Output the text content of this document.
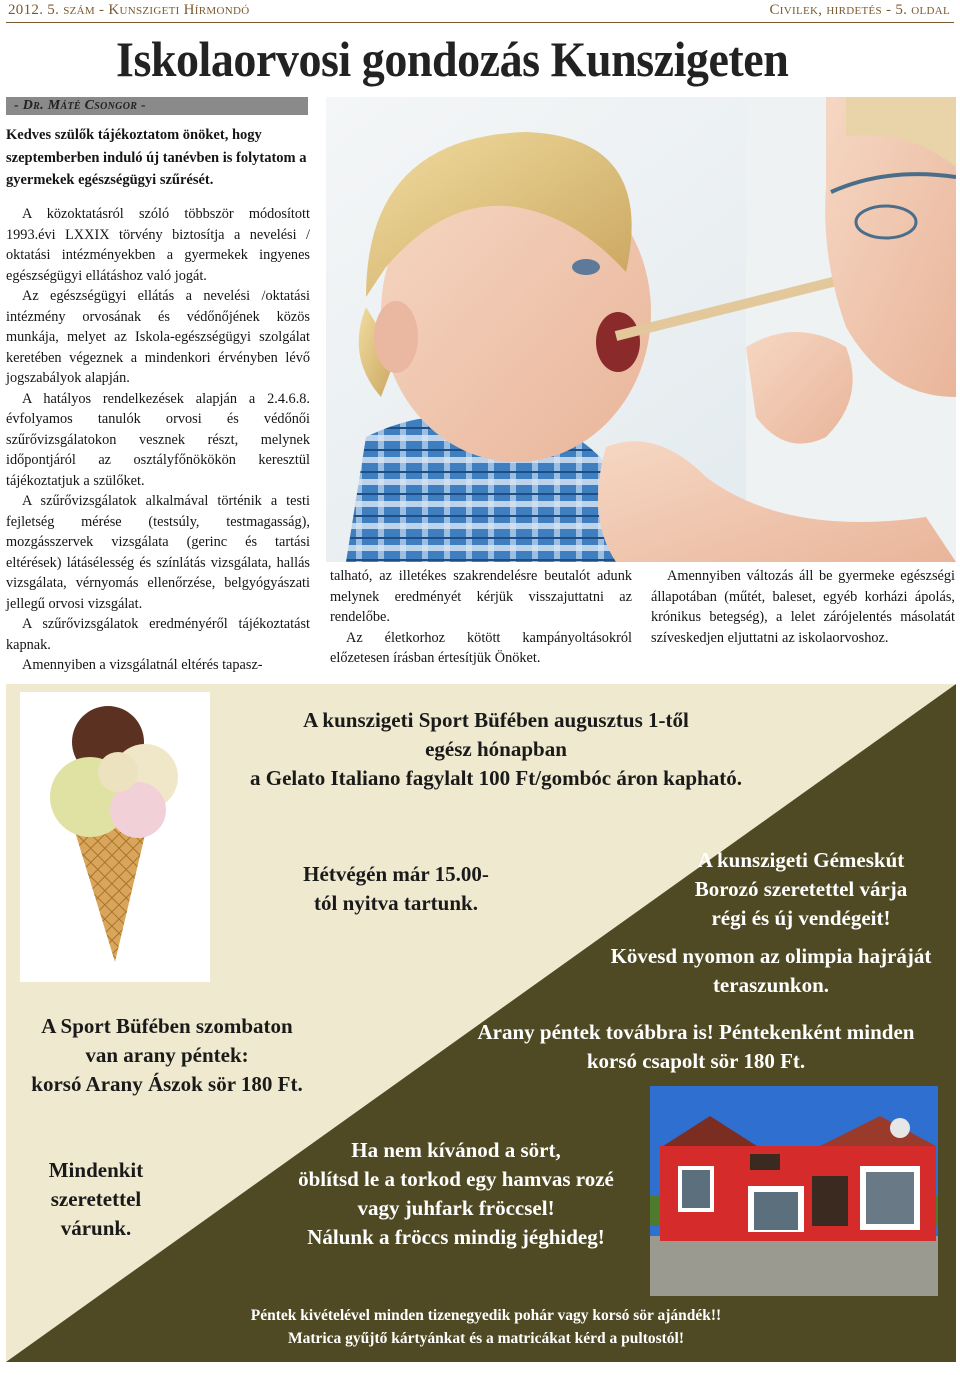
2012. 5. szám - Kunszigeti Hírmondó	Civilek, hirdetés - 5. oldal
Iskolaorvosi gondozás Kunszigeten
- Dr. Máté Csongor -
Kedves szülők tájékoztatom önöket, hogy szeptemberben induló új tanévben is folytatom a gyermekek egészségügyi szűrését.

A közoktatásról szóló többször módosított 1993.évi LXXIX törvény biztosítja a nevelési / oktatási intézményekben a gyermekek ingyenes egészségügyi ellátáshoz való jogát.

Az egészségügyi ellátás a nevelési /oktatási intézmény orvosának és védőnőjének közös munkája, melyet az Iskola-egészségügyi szolgálat keretében végeznek a mindenkori érvényben lévő jogszabályok alapján.

A hatályos rendelkezések alapján a 2.4.6.8. évfolyamos tanulók orvosi és védőnői szűrővizsgálatokon vesznek részt, melynek időpontjáról az osztályfőnökökön keresztül tájékoztatjuk a szülőket.

A szűrővizsgálatok alkalmával történik a testi fejletség mérése (testsúly, testmagasság), mozgásszervek vizsgálata (gerinc és tartási eltérések) látásélesség és színlátás vizsgálata, hallás vizsgálata, vérnyomás ellenőrzése, belgyógyászati jellegű orvosi vizsgálat.

A szűrővizsgálatok eredményéről tájékoztatást kapnak.

Amennyiben a vizsgálatnál eltérés tapasz-

talható, az illetékes szakrendelésre beutalót adunk melynek eredményét kérjük visszajuttatni az rendelőbe.

Az életkorhoz kötött kampányoltásokról előzetesen írásban értesítjük Önöket.

Amennyiben változás áll be gyermeke egészségi állapotában (műtét, baleset, egyéb korházi ápolás, krónikus betegség), a lelet zárójelentés másolatát szíveskedjen eljuttatni az iskolaorvoshoz.

A kunszigeti Sport Büfében augusztus 1-től
egész hónapban
a Gelato Italiano fagylalt 100 Ft/gombóc áron kapható.
Hétvégén már 15.00-
tól nyitva tartunk.
A kunszigeti Gémeskút
Borozó szeretettel várja
régi és új vendégeit!
Kövesd nyomon az olimpia hajráját
teraszunkon.
A Sport Büfében szombaton
van arany péntek:
korsó Arany Ászok sör 180 Ft.
Arany péntek továbbra is! Péntekenként minden
korsó csapolt sör 180 Ft.
Mindenkit
szeretettel
várunk.
Ha nem kívánod a sört,
öblítsd le a torkod egy hamvas rozé
vagy juhfark fröccsel!
Nálunk a fröccs mindig jéghideg!
Péntek kivételével minden tizenegyedik pohár vagy korsó sör ajándék!!
Matrica gyűjtő kártyánkat és a matricákat kérd a pultostól!
